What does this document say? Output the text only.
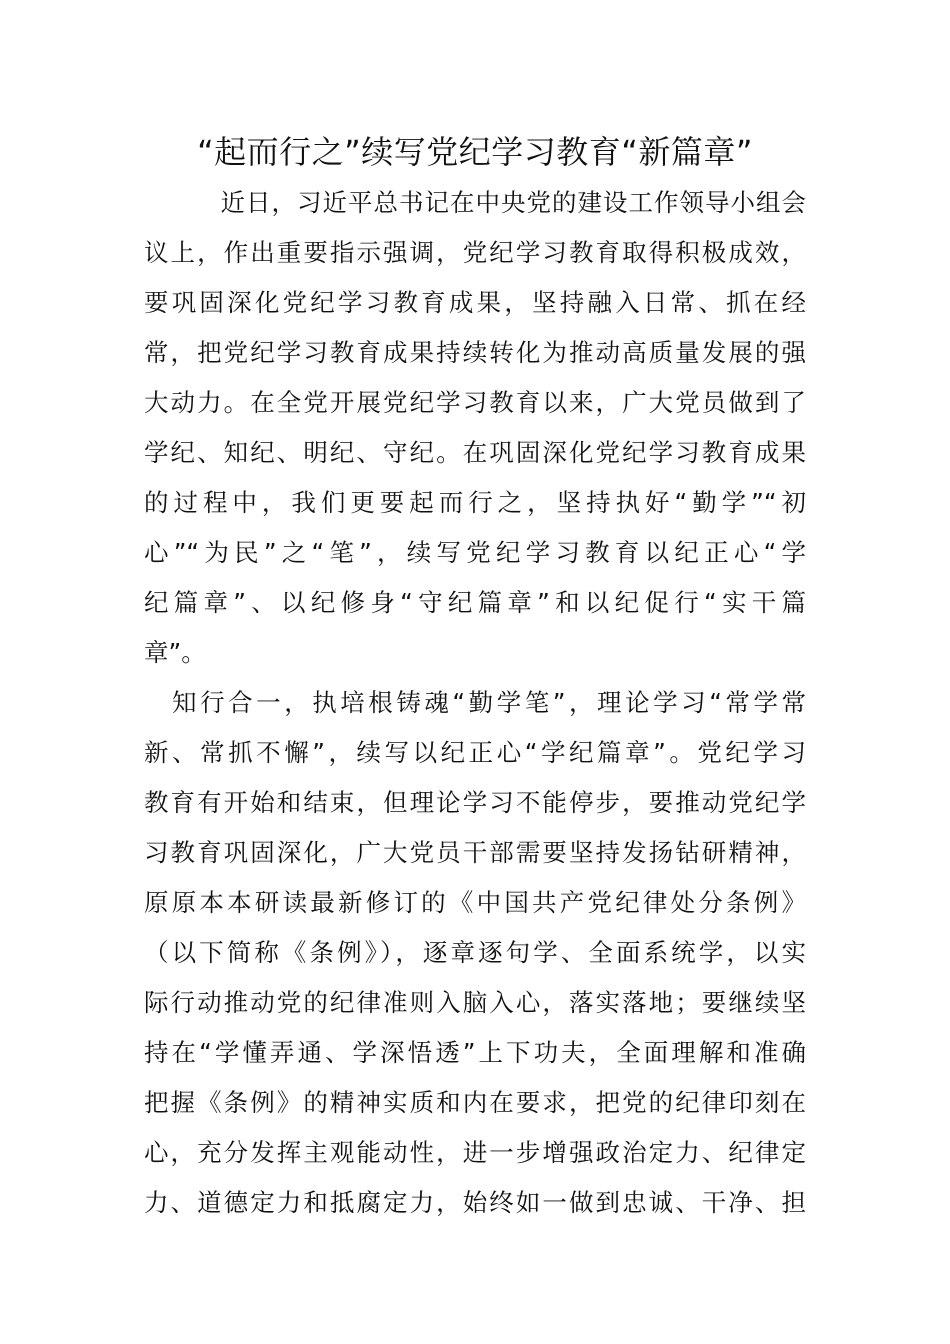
“起而行之”续写党纪学习教育“新篇章”
　　　近日，习近平总书记在中央党的建设工作领导小组会
议上，作出重要指示强调，党纪学习教育取得积极成效，
要巩固深化党纪学习教育成果，坚持融入日常、抓在经
常，把党纪学习教育成果持续转化为推动高质量发展的强
大动力。在全党开展党纪学习教育以来，广大党员做到了
学纪、知纪、明纪、守纪。在巩固深化党纪学习教育成果
的过程中，我们更要起而行之，坚持执好“勤学”“初
心”“为民”之“笔”，续写党纪学习教育以纪正心“学
纪篇章”、以纪修身“守纪篇章”和以纪促行“实干篇
章”。
　知行合一，执培根铸魂“勤学笔”，理论学习“常学常
新、常抓不懈”，续写以纪正心“学纪篇章”。党纪学习
教育有开始和结束，但理论学习不能停步，要推动党纪学
习教育巩固深化，广大党员干部需要坚持发扬钻研精神，
原原本本研读最新修订的《中国共产党纪律处分条例》
（以下简称《条例》），逐章逐句学、全面系统学，以实
际行动推动党的纪律准则入脑入心，落实落地；要继续坚
持在“学懂弄通、学深悟透”上下功夫，全面理解和准确
把握《条例》的精神实质和内在要求，把党的纪律印刻在
心，充分发挥主观能动性，进一步增强政治定力、纪律定
力、道德定力和抵腐定力，始终如一做到忠诚、干净、担
